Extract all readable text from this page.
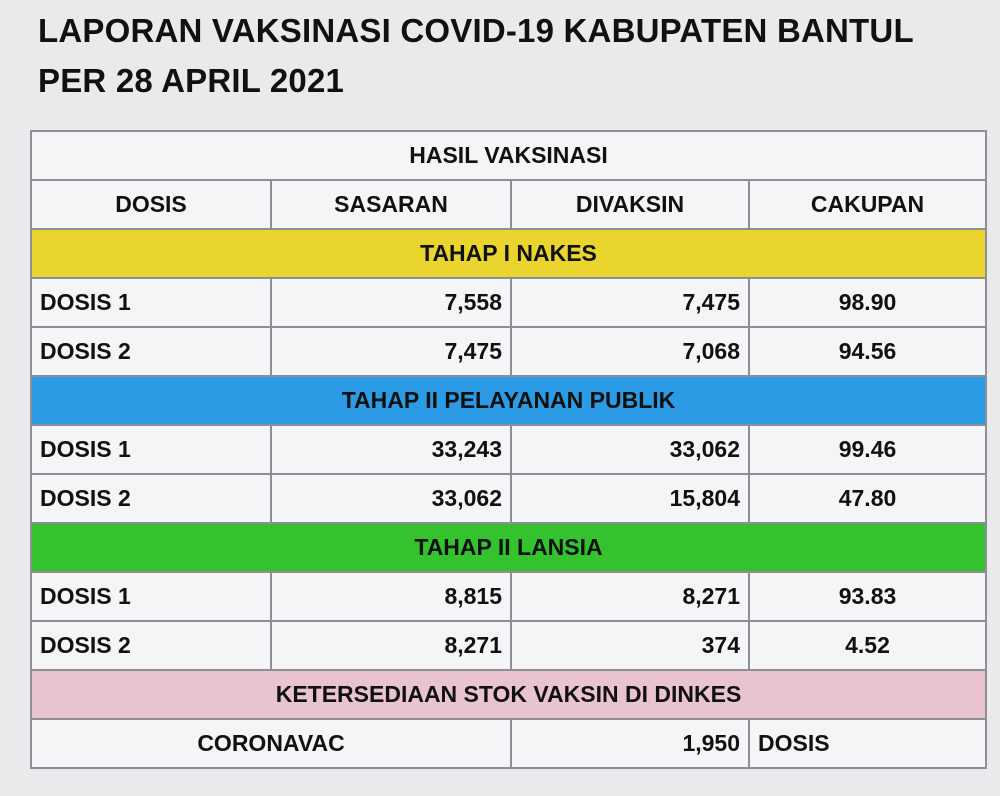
LAPORAN VAKSINASI COVID-19 KABUPATEN BANTUL
PER 28 APRIL 2021
HASIL VAKSINASI			
DOSIS	SASARAN	DIVAKSIN	CAKUPAN
TAHAP I NAKES			
DOSIS 1	7,558	7,475	98.90
DOSIS 2	7,475	7,068	94.56
TAHAP II PELAYANAN PUBLIK			
DOSIS 1	33,243	33,062	99.46
DOSIS 2	33,062	15,804	47.80
TAHAP II LANSIA			
DOSIS 1	8,815	8,271	93.83
DOSIS 2	8,271	374	4.52
KETERSEDIAAN STOK VAKSIN DI DINKES			
CORONAVAC		1,950	DOSIS
